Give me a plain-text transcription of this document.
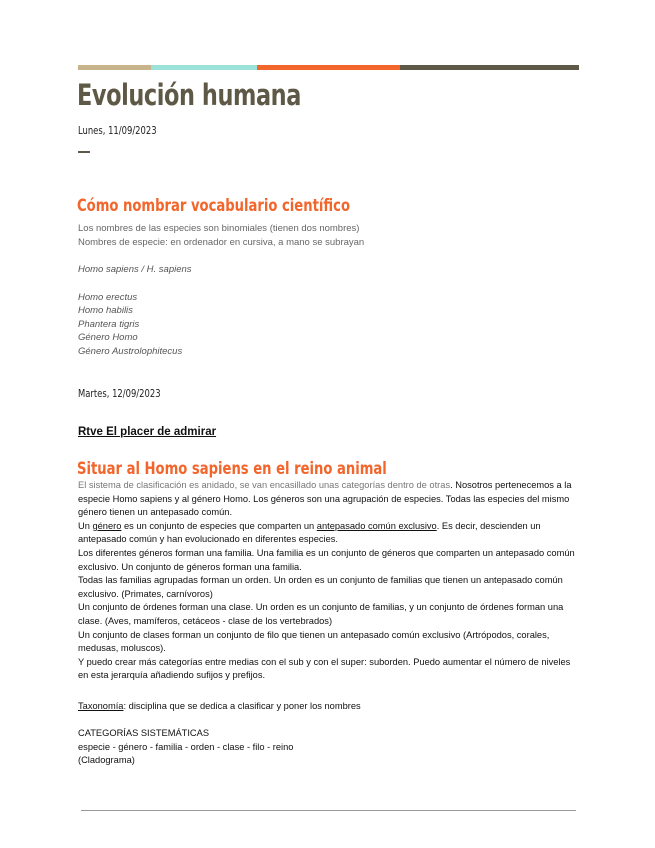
Evolución humana

Lunes, 11/09/2023

Cómo nombrar vocabulario científico

Los nombres de las especies son binomiales (tienen dos nombres)

Nombres de especie: en ordenador en cursiva, a mano se subrayan

Homo sapiens / H. sapiens

Homo erectus

Homo habilis

Phantera tigris

Género Homo

Género Austrolophitecus

Martes, 12/09/2023

Rtve El placer de admirar

Situar al Homo sapiens en el reino animal

El sistema de clasificación es anidado, se van encasillado unas categorías dentro de otras. Nosotros pertenecemos a la especie Homo sapiens y al género Homo. Los géneros son una agrupación de especies. Todas las especies del mismo género tienen un antepasado común.

Un género es un conjunto de especies que comparten un antepasado común exclusivo. Es decir, descienden un antepasado común y han evolucionado en diferentes especies.

Los diferentes géneros forman una familia. Una familia es un conjunto de géneros que comparten un antepasado común exclusivo. Un conjunto de géneros forman una familia.

Todas las familias agrupadas forman un orden. Un orden es un conjunto de familias que tienen un antepasado común exclusivo. (Primates, carnívoros)

Un conjunto de órdenes forman una clase. Un orden es un conjunto de familias, y un conjunto de órdenes forman una clase. (Aves, mamíferos, cetáceos - clase de los vertebrados)

Un conjunto de clases forman un conjunto de filo que tienen un antepasado común exclusivo (Artrópodos, corales, medusas, moluscos).

Y puedo crear más categorías entre medias con el sub y con el super: suborden. Puedo aumentar el número de niveles en esta jerarquía añadiendo sufijos y prefijos.

Taxonomía: disciplina que se dedica a clasificar y poner los nombres

CATEGORÍAS SISTEMÁTICAS

especie - género - familia - orden - clase - filo - reino

(Cladograma)
